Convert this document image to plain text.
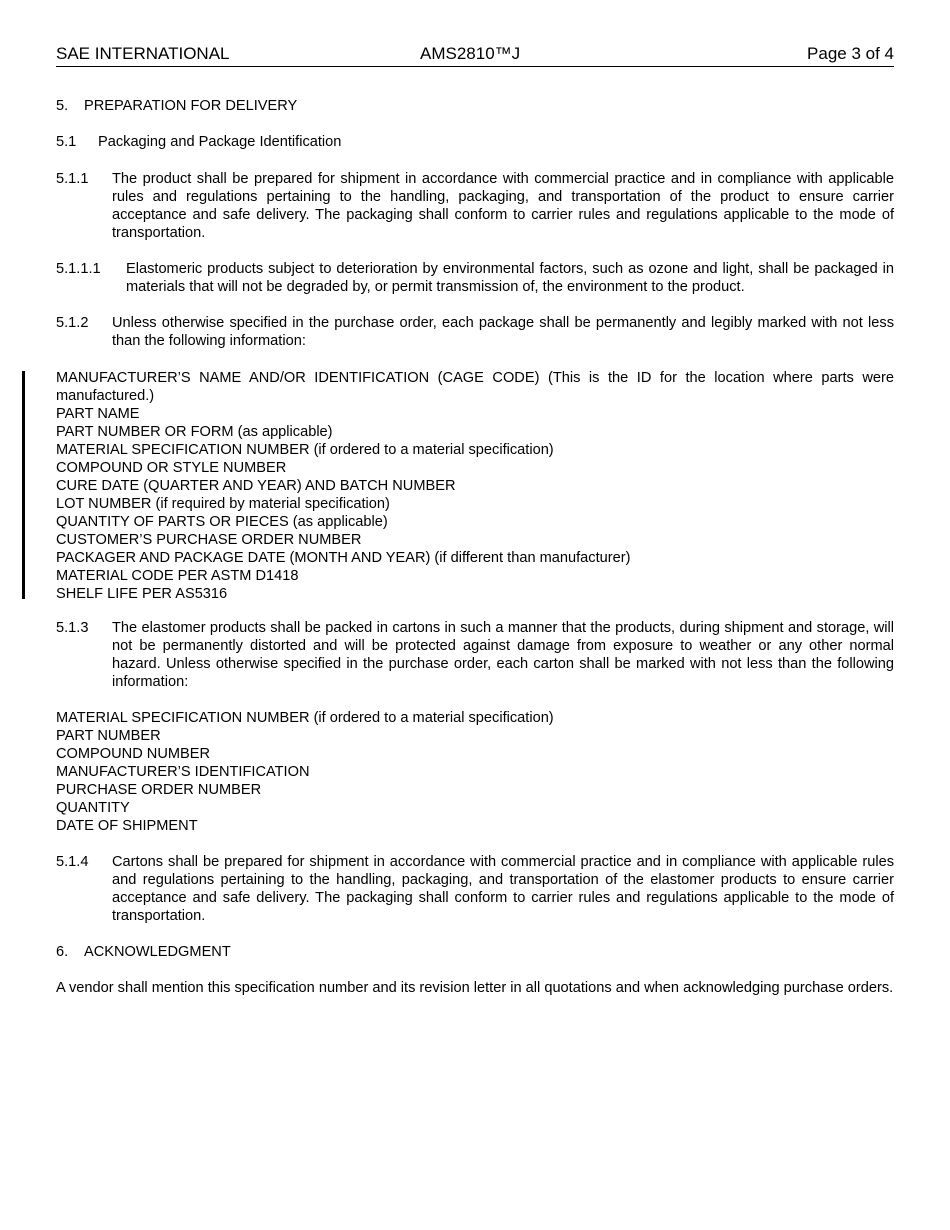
SAE INTERNATIONAL	AMS2810™J	Page 3 of 4
5.	PREPARATION FOR DELIVERY
5.1	Packaging and Package Identification
5.1.1	The product shall be prepared for shipment in accordance with commercial practice and in compliance with applicable rules and regulations pertaining to the handling, packaging, and transportation of the product to ensure carrier acceptance and safe delivery. The packaging shall conform to carrier rules and regulations applicable to the mode of transportation.
5.1.1.1	Elastomeric products subject to deterioration by environmental factors, such as ozone and light, shall be packaged in materials that will not be degraded by, or permit transmission of, the environment to the product.
5.1.2	Unless otherwise specified in the purchase order, each package shall be permanently and legibly marked with not less than the following information:
MANUFACTURER’S NAME AND/OR IDENTIFICATION (CAGE CODE) (This is the ID for the location where parts were manufactured.)
PART NAME
PART NUMBER OR FORM (as applicable)
MATERIAL SPECIFICATION NUMBER (if ordered to a material specification)
COMPOUND OR STYLE NUMBER
CURE DATE (QUARTER AND YEAR) AND BATCH NUMBER
LOT NUMBER (if required by material specification)
QUANTITY OF PARTS OR PIECES (as applicable)
CUSTOMER’S PURCHASE ORDER NUMBER
PACKAGER AND PACKAGE DATE (MONTH AND YEAR) (if different than manufacturer)
MATERIAL CODE PER ASTM D1418
SHELF LIFE PER AS5316
5.1.3	The elastomer products shall be packed in cartons in such a manner that the products, during shipment and storage, will not be permanently distorted and will be protected against damage from exposure to weather or any other normal hazard. Unless otherwise specified in the purchase order, each carton shall be marked with not less than the following information:
MATERIAL SPECIFICATION NUMBER (if ordered to a material specification)
PART NUMBER
COMPOUND NUMBER
MANUFACTURER’S IDENTIFICATION
PURCHASE ORDER NUMBER
QUANTITY
DATE OF SHIPMENT
5.1.4	Cartons shall be prepared for shipment in accordance with commercial practice and in compliance with applicable rules and regulations pertaining to the handling, packaging, and transportation of the elastomer products to ensure carrier acceptance and safe delivery. The packaging shall conform to carrier rules and regulations applicable to the mode of transportation.
6.	ACKNOWLEDGMENT
A vendor shall mention this specification number and its revision letter in all quotations and when acknowledging purchase orders.
